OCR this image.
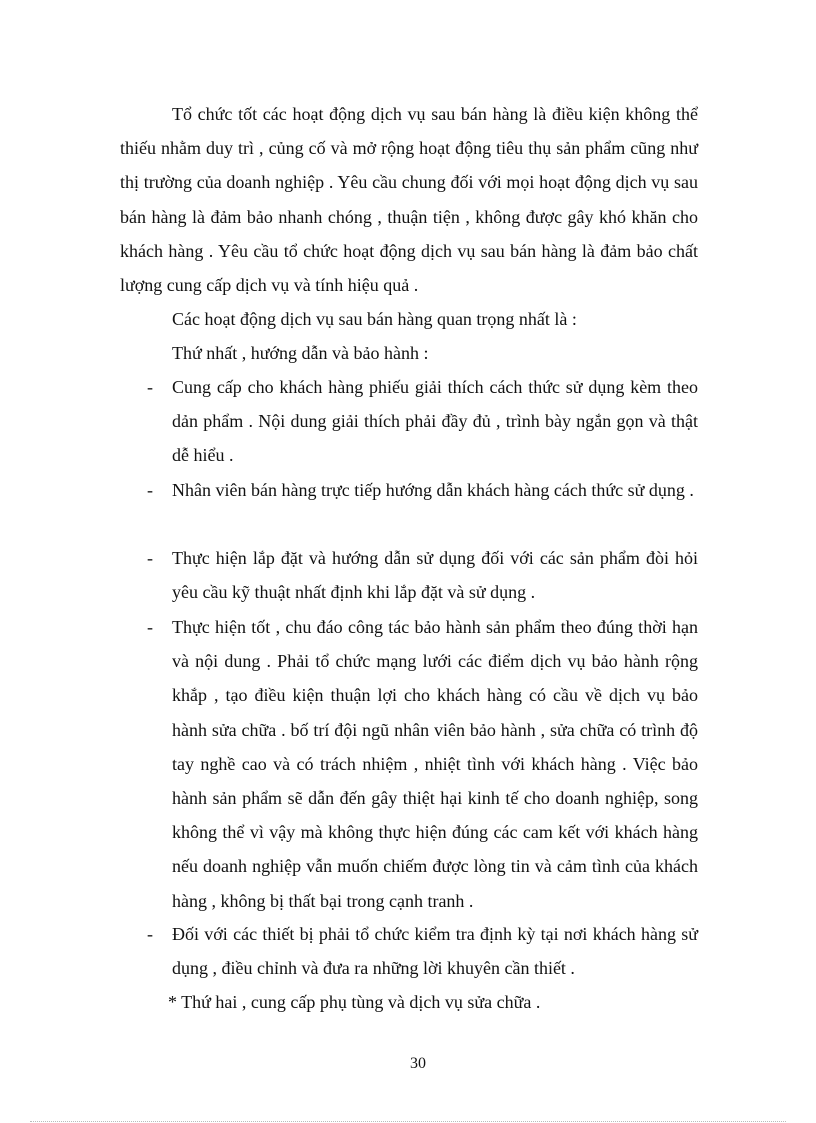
Tổ chức tốt các hoạt động dịch vụ sau bán hàng là điều kiện không thể thiếu nhằm duy trì , củng cố và mở rộng hoạt động tiêu thụ sản phẩm cũng như thị trường của doanh nghiệp . Yêu cầu chung đối với mọi hoạt động dịch vụ sau bán hàng là đảm bảo nhanh chóng , thuận tiện , không được gây khó khăn cho khách hàng . Yêu cầu tổ chức hoạt động dịch vụ sau bán hàng là đảm bảo chất lượng cung cấp dịch vụ và tính hiệu quả .

Các hoạt động dịch vụ sau bán hàng quan trọng nhất là :
Thứ nhất , hướng dẫn và bảo hành :
- Cung cấp cho khách hàng phiếu giải thích cách thức sử dụng kèm theo dản phẩm . Nội dung giải thích phải đầy đủ , trình bày ngắn gọn và thật dễ hiểu .

- Nhân viên bán hàng trực tiếp hướng dẫn khách hàng cách thức sử dụng .

- Thực hiện lắp đặt và hướng dẫn sử dụng đối với các sản phẩm đòi hỏi yêu cầu kỹ thuật nhất định khi lắp đặt và sử dụng .

- Thực hiện tốt , chu đáo công tác bảo hành sản phẩm theo đúng thời hạn và nội dung . Phải tổ chức mạng lưới các điểm dịch vụ bảo hành rộng khắp , tạo điều kiện thuận lợi cho khách hàng có cầu về dịch vụ bảo hành sửa chữa . bố trí đội ngũ nhân viên bảo hành , sửa chữa có trình độ tay nghề cao và có trách nhiệm , nhiệt tình với khách hàng . Việc bảo hành sản phẩm sẽ dẫn đến gây thiệt hại kinh tế cho doanh nghiệp, song không thể vì vậy mà không thực hiện đúng các cam kết với khách hàng nếu doanh nghiệp vẫn muốn chiếm được lòng tin và cảm tình của khách hàng , không bị thất bại trong cạnh tranh .

- Đối với các thiết bị phải tổ chức kiểm tra định kỳ tại nơi khách hàng sử dụng , điều chỉnh và đưa ra những lời khuyên cần thiết .

* Thứ hai , cung cấp phụ tùng và dịch vụ sửa chữa .
30
